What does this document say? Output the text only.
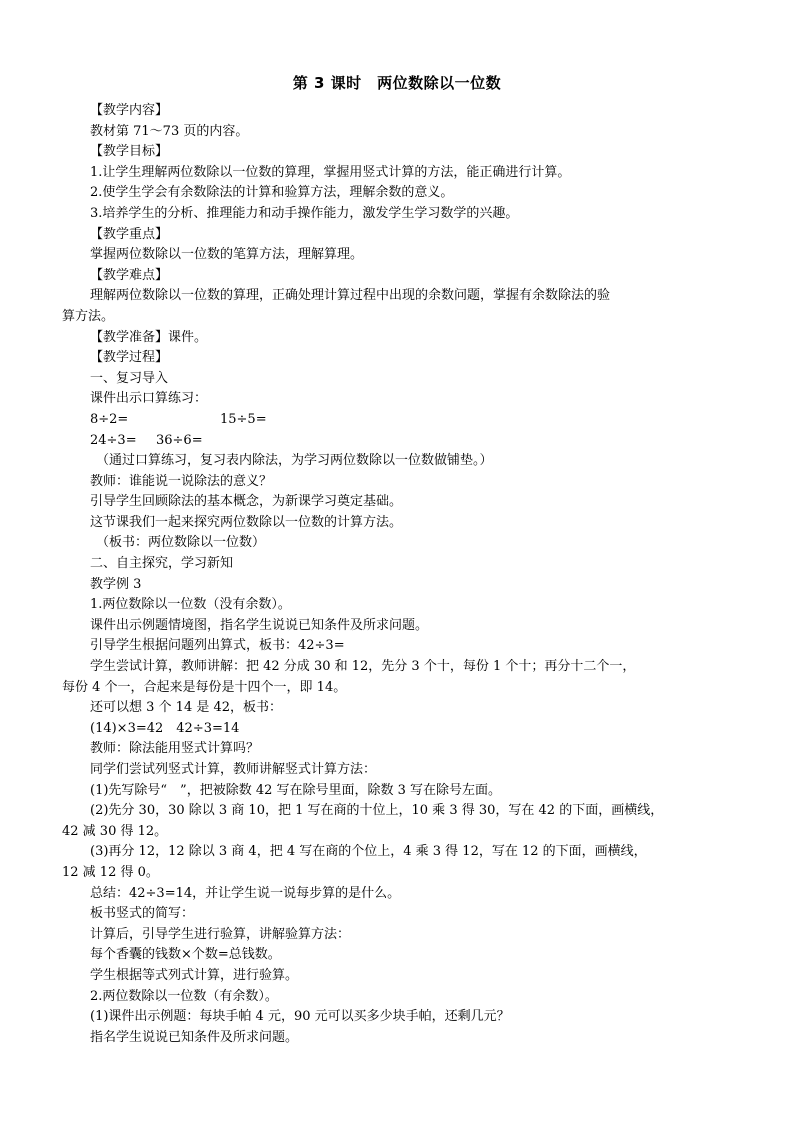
第 3 课时　两位数除以一位数
【教学内容】
教材第 71～73 页的内容。
【教学目标】
1.让学生理解两位数除以一位数的算理，掌握用竖式计算的方法，能正确进行计算。
2.使学生学会有余数除法的计算和验算方法，理解余数的意义。
3.培养学生的分析、推理能力和动手操作能力，激发学生学习数学的兴趣。
【教学重点】
掌握两位数除以一位数的笔算方法，理解算理。
【教学难点】
理解两位数除以一位数的算理，正确处理计算过程中出现的余数问题，掌握有余数除法的验
算方法。
【教学准备】课件。
【教学过程】
一、复习导入
课件出示口算练习：
8÷2=	15÷5=
24÷3= 36÷6=
（通过口算练习，复习表内除法，为学习两位数除以一位数做铺垫。）
教师：谁能说一说除法的意义？
引导学生回顾除法的基本概念，为新课学习奠定基础。
这节课我们一起来探究两位数除以一位数的计算方法。
（板书：两位数除以一位数）
二、自主探究，学习新知
教学例 3
1.两位数除以一位数（没有余数）。
课件出示例题情境图，指名学生说说已知条件及所求问题。
引导学生根据问题列出算式，板书：42÷3=
学生尝试计算，教师讲解：把 42 分成 30 和 12，先分 3 个十，每份 1 个十；再分十二个一，
每份 4 个一，合起来是每份是十四个一，即 14。
还可以想 3 个 14 是 42，板书：
(14)×3=42　42÷3=14
教师：除法能用竖式计算吗？
同学们尝试列竖式计算，教师讲解竖式计算方法：
(1)先写除号“　”，把被除数 42 写在除号里面，除数 3 写在除号左面。
(2)先分 30，30 除以 3 商 10，把 1 写在商的十位上，10 乘 3 得 30，写在 42 的下面，画横线，
42 减 30 得 12。
(3)再分 12，12 除以 3 商 4，把 4 写在商的个位上，4 乘 3 得 12，写在 12 的下面，画横线，
12 减 12 得 0。
总结：42÷3=14，并让学生说一说每步算的是什么。
板书竖式的简写：
计算后，引导学生进行验算，讲解验算方法：
每个香囊的钱数×个数=总钱数。
学生根据等式列式计算，进行验算。
2.两位数除以一位数（有余数）。
(1)课件出示例题：每块手帕 4 元，90 元可以买多少块手帕，还剩几元？
指名学生说说已知条件及所求问题。
